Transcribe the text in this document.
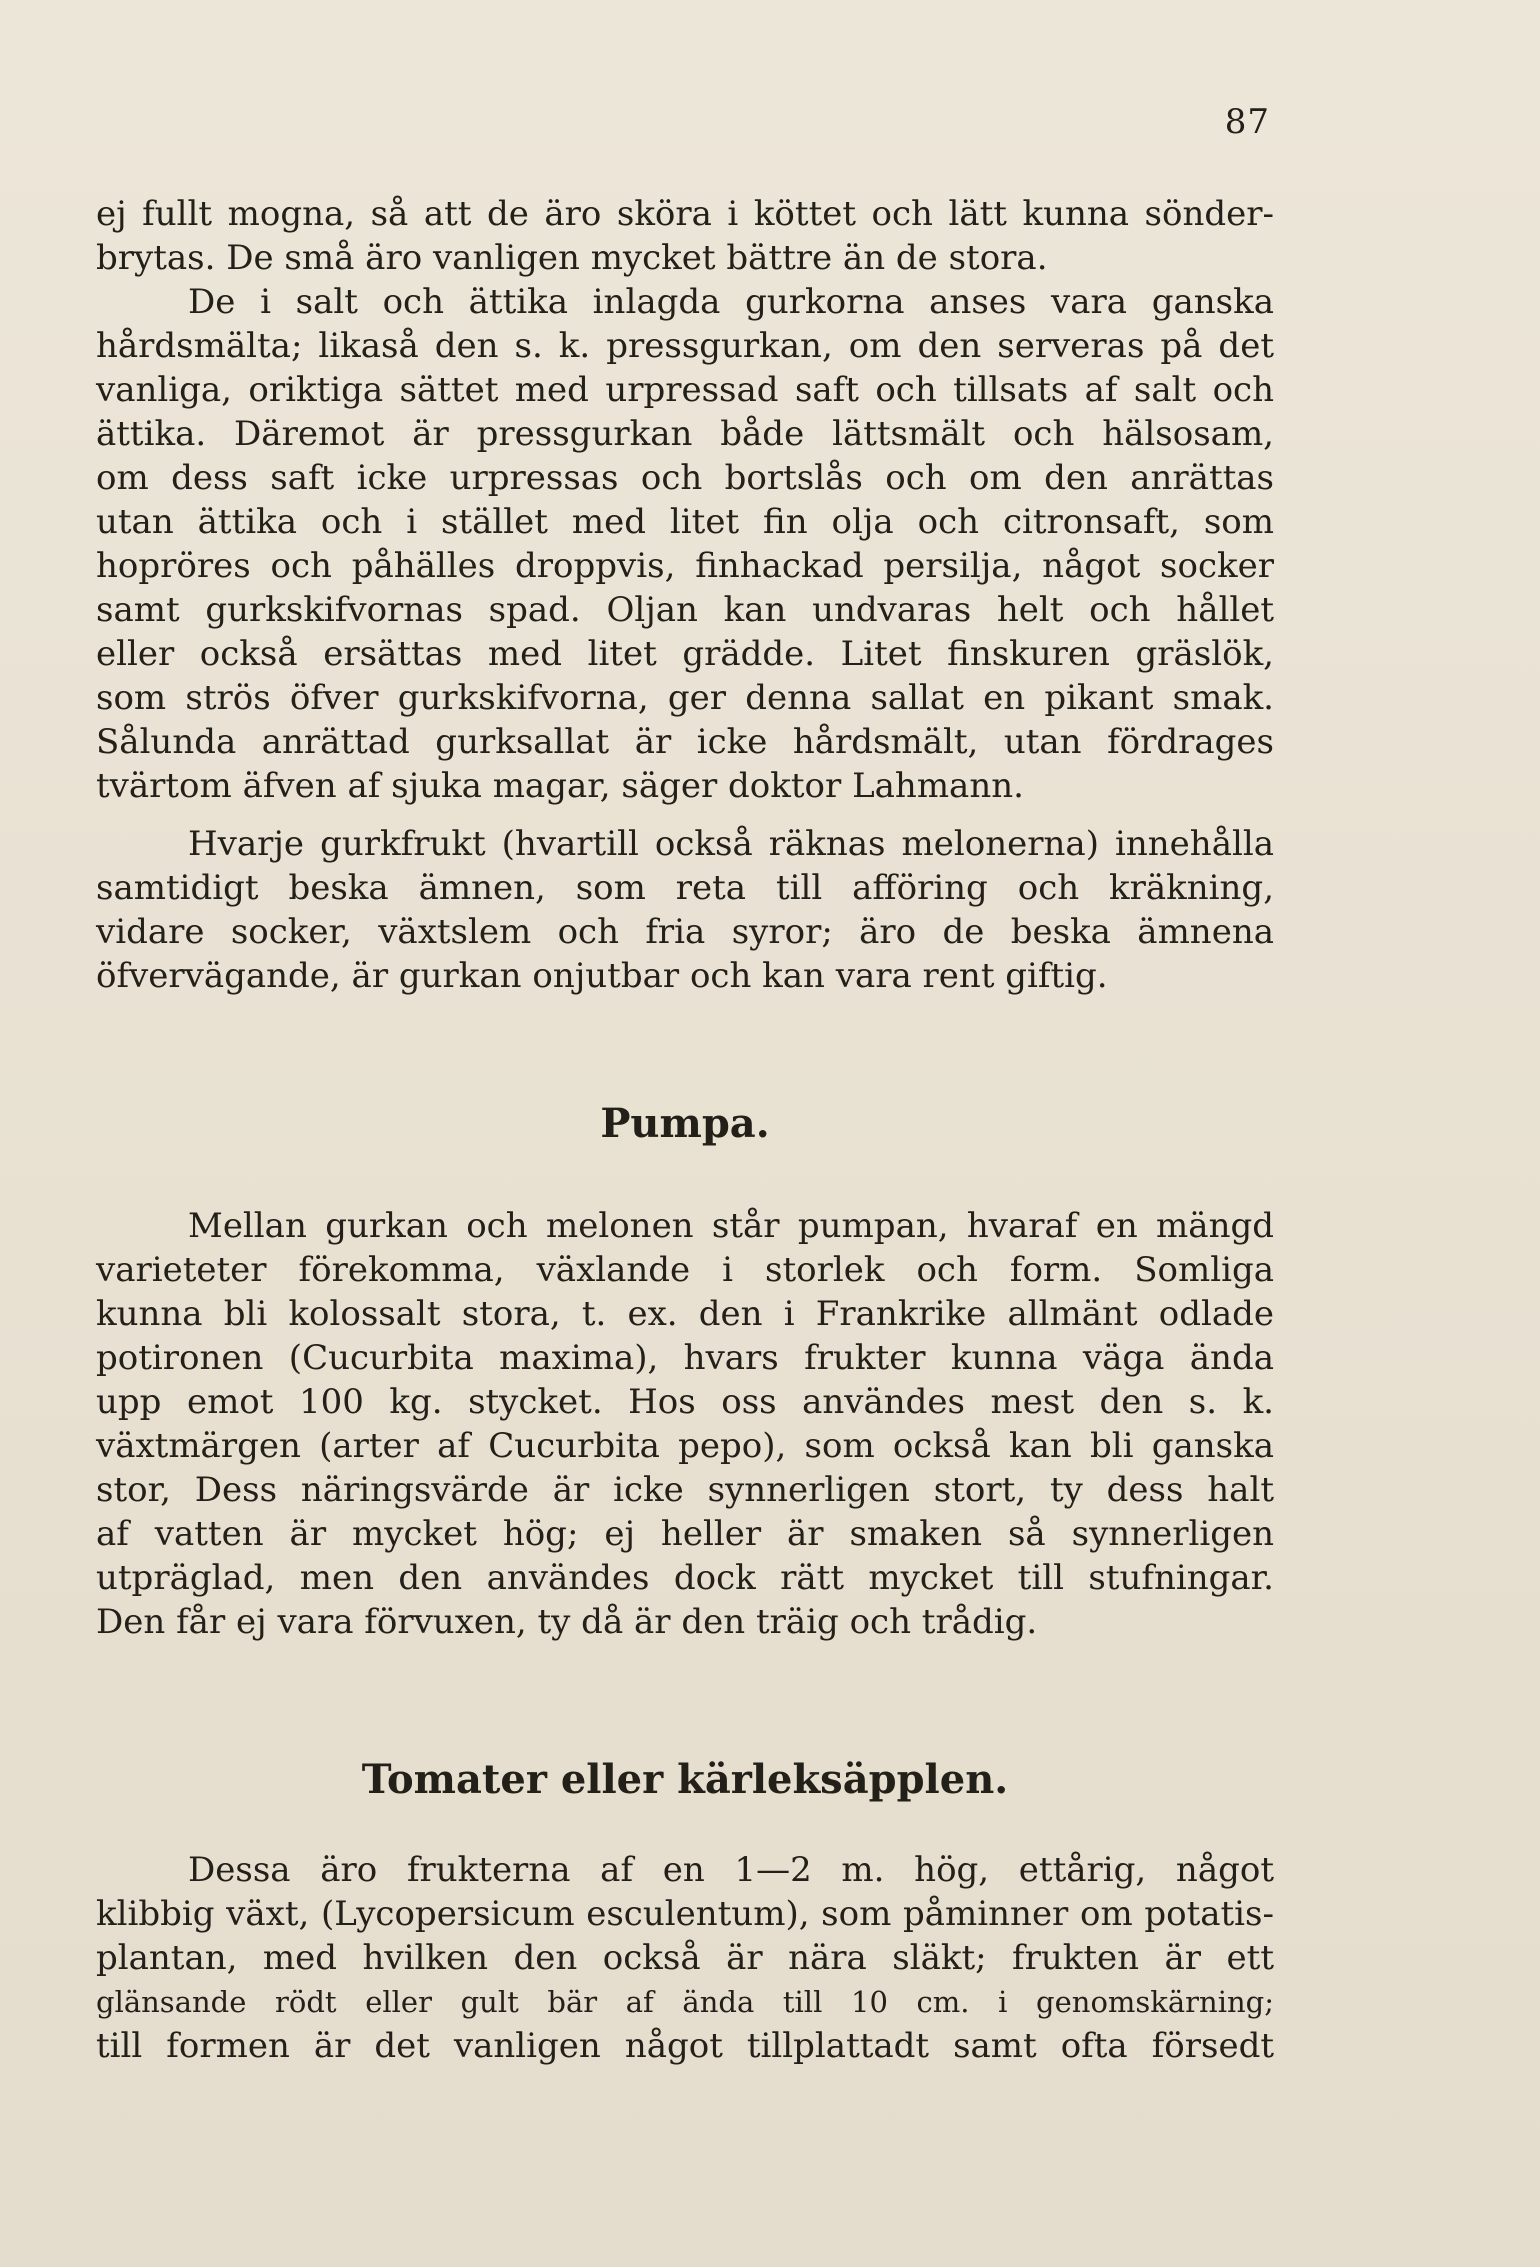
87
ej fullt mogna, så att de äro sköra i köttet och lätt kunna sönder-
brytas. De små äro vanligen mycket bättre än de stora.
De i salt och ättika inlagda gurkorna anses vara ganska
hårdsmälta; likaså den s. k. pressgurkan, om den serveras på det
vanliga, oriktiga sättet med urpressad saft och tillsats af salt och
ättika. Däremot är pressgurkan både lättsmält och hälsosam,
om dess saft icke urpressas och bortslås och om den anrättas
utan ättika och i stället med litet fin olja och citronsaft, som
hopröres och påhälles droppvis, finhackad persilja, något socker
samt gurkskifvornas spad. Oljan kan undvaras helt och hållet
eller också ersättas med litet grädde. Litet finskuren gräslök,
som strös öfver gurkskifvorna, ger denna sallat en pikant smak.
Sålunda anrättad gurksallat är icke hårdsmält, utan fördrages
tvärtom äfven af sjuka magar, säger doktor Lahmann.
Hvarje gurkfrukt (hvartill också räknas melonerna) innehålla
samtidigt beska ämnen, som reta till afföring och kräkning,
vidare socker, växtslem och fria syror; äro de beska ämnena
öfvervägande, är gurkan onjutbar och kan vara rent giftig.
Pumpa.
Mellan gurkan och melonen står pumpan, hvaraf en mängd
varieteter förekomma, växlande i storlek och form. Somliga
kunna bli kolossalt stora, t. ex. den i Frankrike allmänt odlade
potironen (Cucurbita maxima), hvars frukter kunna väga ända
upp emot 100 kg. stycket. Hos oss användes mest den s. k.
växtmärgen (arter af Cucurbita pepo), som också kan bli ganska
stor, Dess näringsvärde är icke synnerligen stort, ty dess halt
af vatten är mycket hög; ej heller är smaken så synnerligen
utpräglad, men den användes dock rätt mycket till stufningar.
Den får ej vara förvuxen, ty då är den träig och trådig.
Tomater eller kärleksäpplen.
Dessa äro frukterna af en 1—2 m. hög, ettårig, något
klibbig växt, (Lycopersicum esculentum), som påminner om potatis-
plantan, med hvilken den också är nära släkt; frukten är ett
glänsande rödt eller gult bär af ända till 10 cm. i genomskärning;
till formen är det vanligen något tillplattadt samt ofta försedt
